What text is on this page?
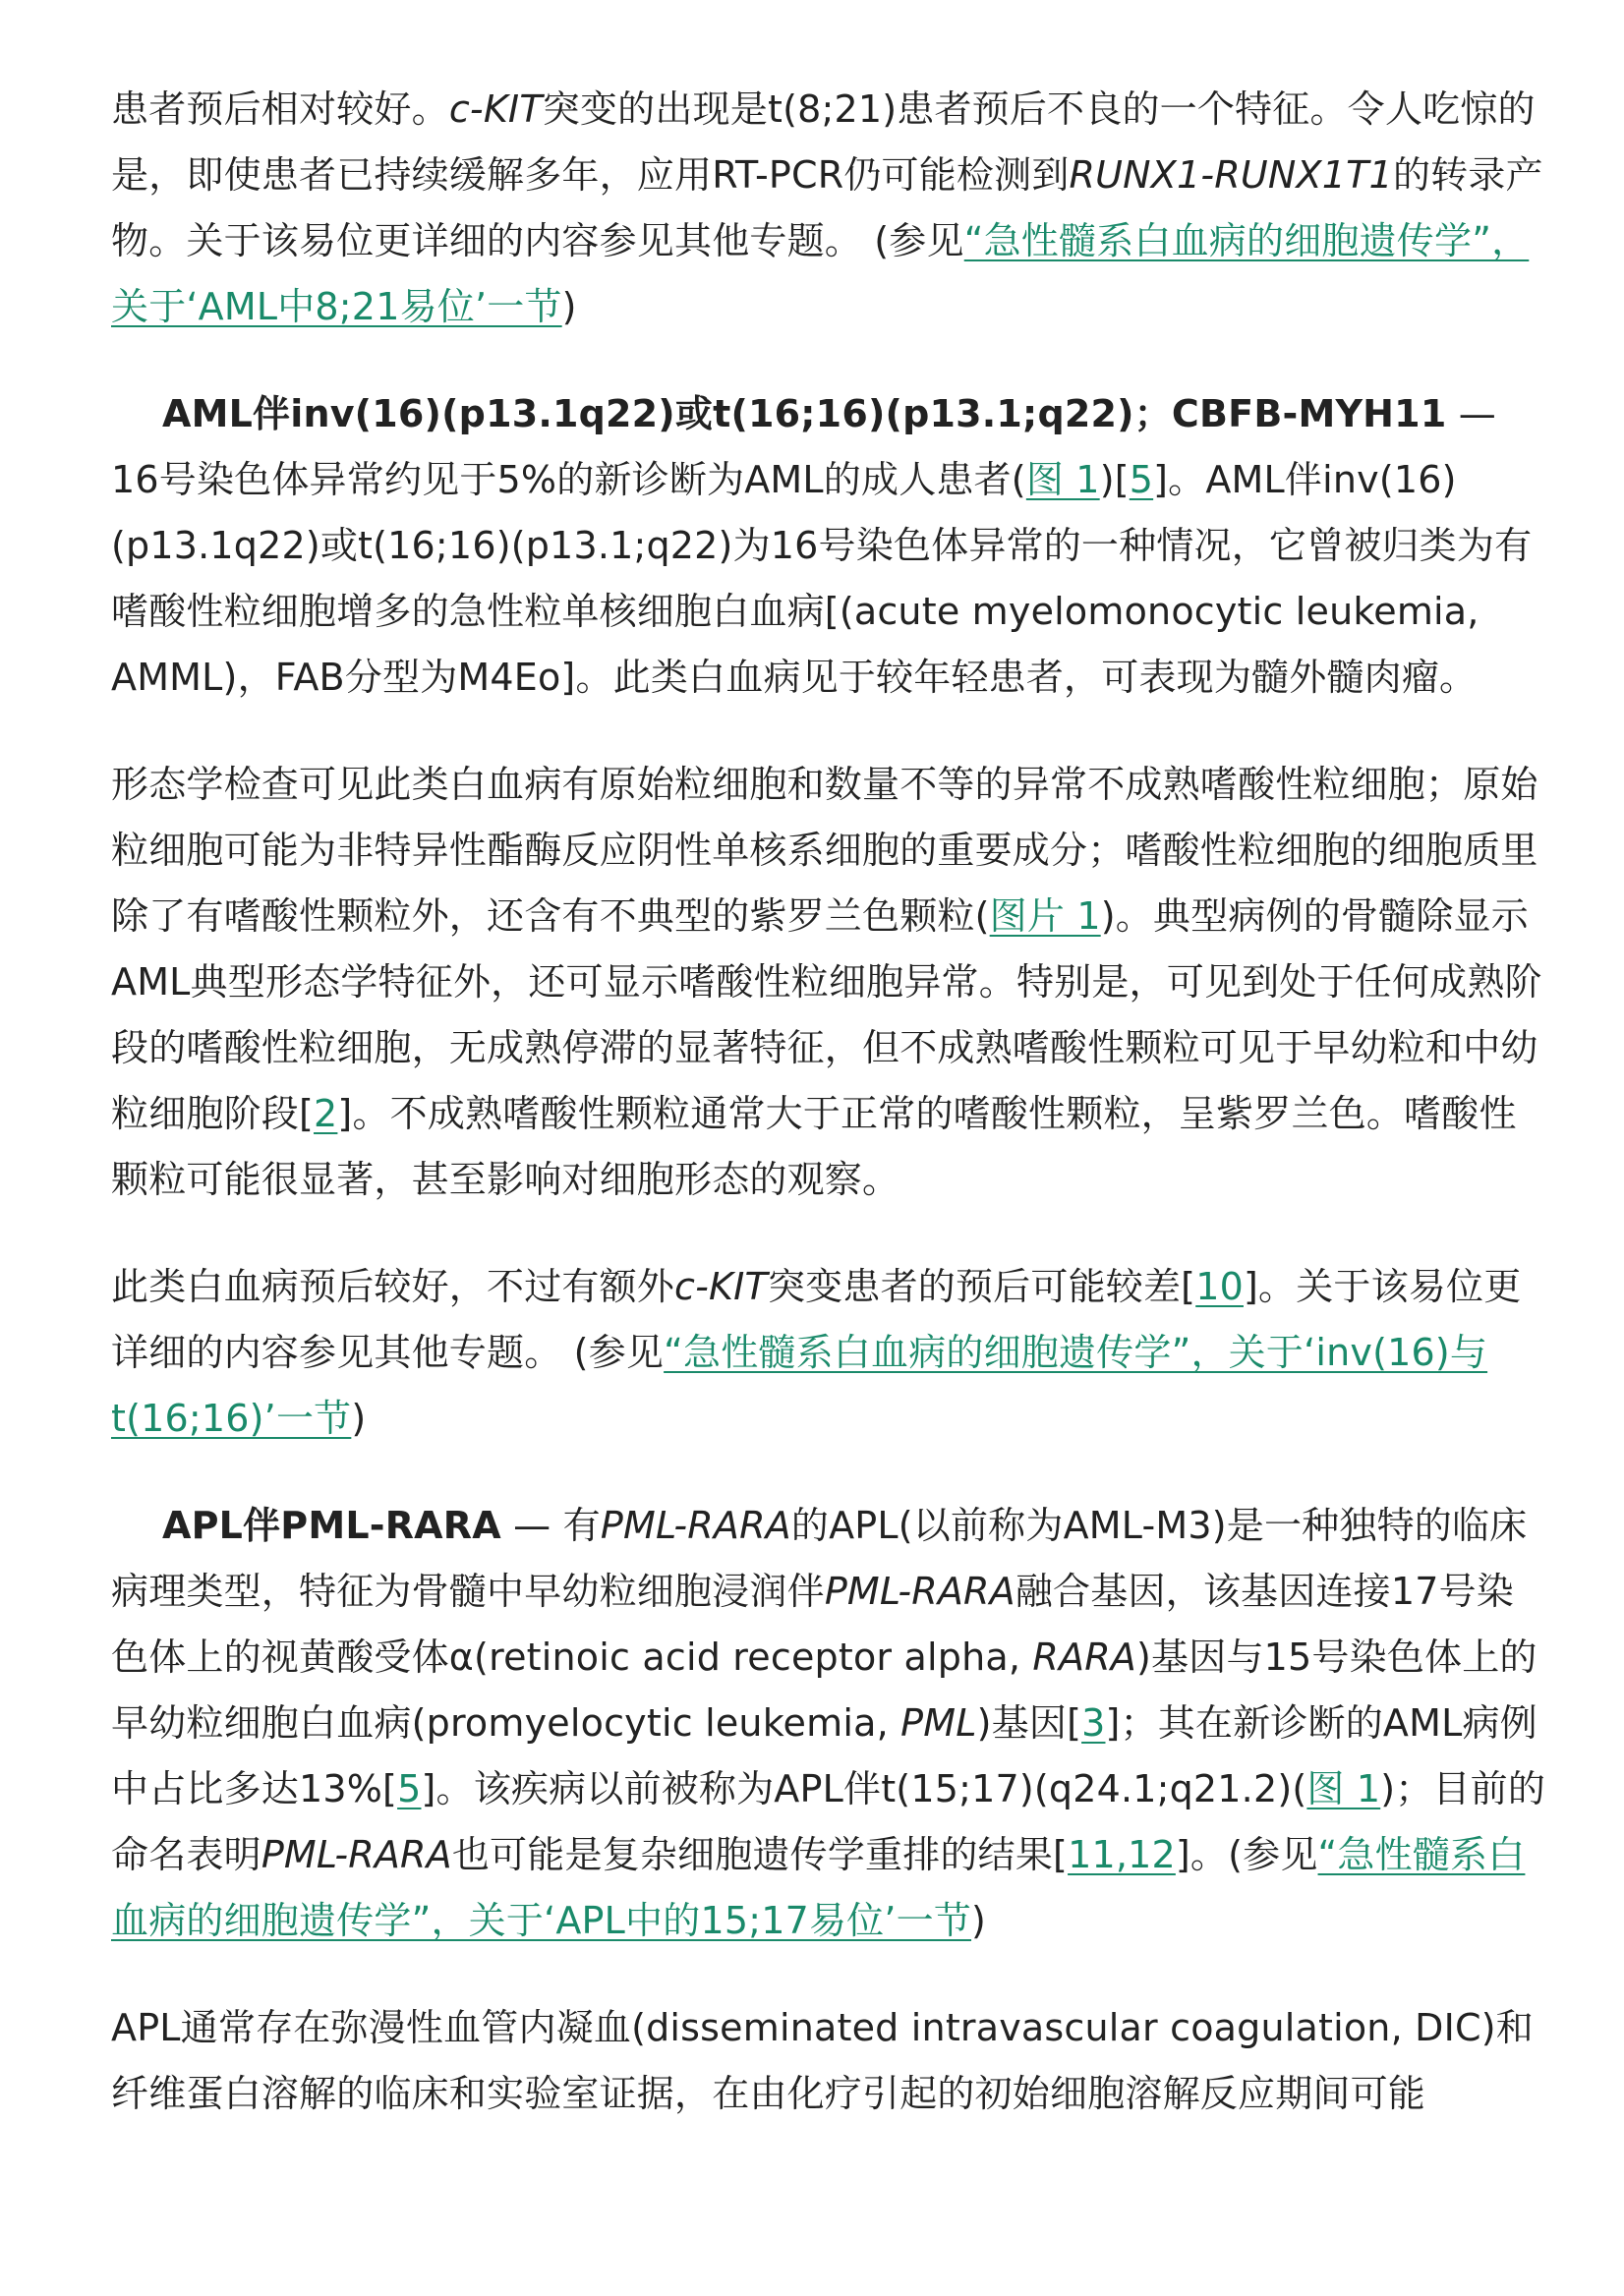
患者预后相对较好。c-KIT突变的出现是t(8;21)患者预后不良的一个特征。令人吃惊的是，即使患者已持续缓解多年，应用RT-PCR仍可能检测到RUNX1-RUNX1T1的转录产物。关于该易位更详细的内容参见其他专题。 (参见“急性髓系白血病的细胞遗传学”，关于‘AML中8;21易位’一节)

AML伴inv(16)(p13.1q22)或t(16;16)(p13.1;q22)；CBFB-MYH11 — 16号染色体异常约见于5%的新诊断为AML的成人患者(图 1)[5]。AML伴inv(16)(p13.1q22)或t(16;16)(p13.1;q22)为16号染色体异常的一种情况，它曾被归类为有嗜酸性粒细胞增多的急性粒单核细胞白血病[(acute myelomonocytic leukemia, AMML)，FAB分型为M4Eo]。此类白血病见于较年轻患者，可表现为髓外髓肉瘤。

形态学检查可见此类白血病有原始粒细胞和数量不等的异常不成熟嗜酸性粒细胞；原始粒细胞可能为非特异性酯酶反应阴性单核系细胞的重要成分；嗜酸性粒细胞的细胞质里除了有嗜酸性颗粒外，还含有不典型的紫罗兰色颗粒(图片 1)。典型病例的骨髓除显示AML典型形态学特征外，还可显示嗜酸性粒细胞异常。特别是，可见到处于任何成熟阶段的嗜酸性粒细胞，无成熟停滞的显著特征，但不成熟嗜酸性颗粒可见于早幼粒和中幼粒细胞阶段[2]。不成熟嗜酸性颗粒通常大于正常的嗜酸性颗粒，呈紫罗兰色。嗜酸性颗粒可能很显著，甚至影响对细胞形态的观察。

此类白血病预后较好，不过有额外c-KIT突变患者的预后可能较差[10]。关于该易位更详细的内容参见其他专题。 (参见“急性髓系白血病的细胞遗传学”，关于‘inv(16)与t(16;16)’一节)

APL伴PML-RARA — 有PML-RARA的APL(以前称为AML-M3)是一种独特的临床病理类型，特征为骨髓中早幼粒细胞浸润伴PML-RARA融合基因，该基因连接17号染色体上的视黄酸受体α(retinoic acid receptor alpha, RARA)基因与15号染色体上的早幼粒细胞白血病(promyelocytic leukemia, PML)基因[3]；其在新诊断的AML病例中占比多达13%[5]。该疾病以前被称为APL伴t(15;17)(q24.1;q21.2)(图 1)；目前的命名表明PML-RARA也可能是复杂细胞遗传学重排的结果[11,12]。(参见“急性髓系白血病的细胞遗传学”，关于‘APL中的15;17易位’一节)

APL通常存在弥漫性血管内凝血(disseminated intravascular coagulation, DIC)和纤维蛋白溶解的临床和实验室证据，在由化疗引起的初始细胞溶解反应期间可能
